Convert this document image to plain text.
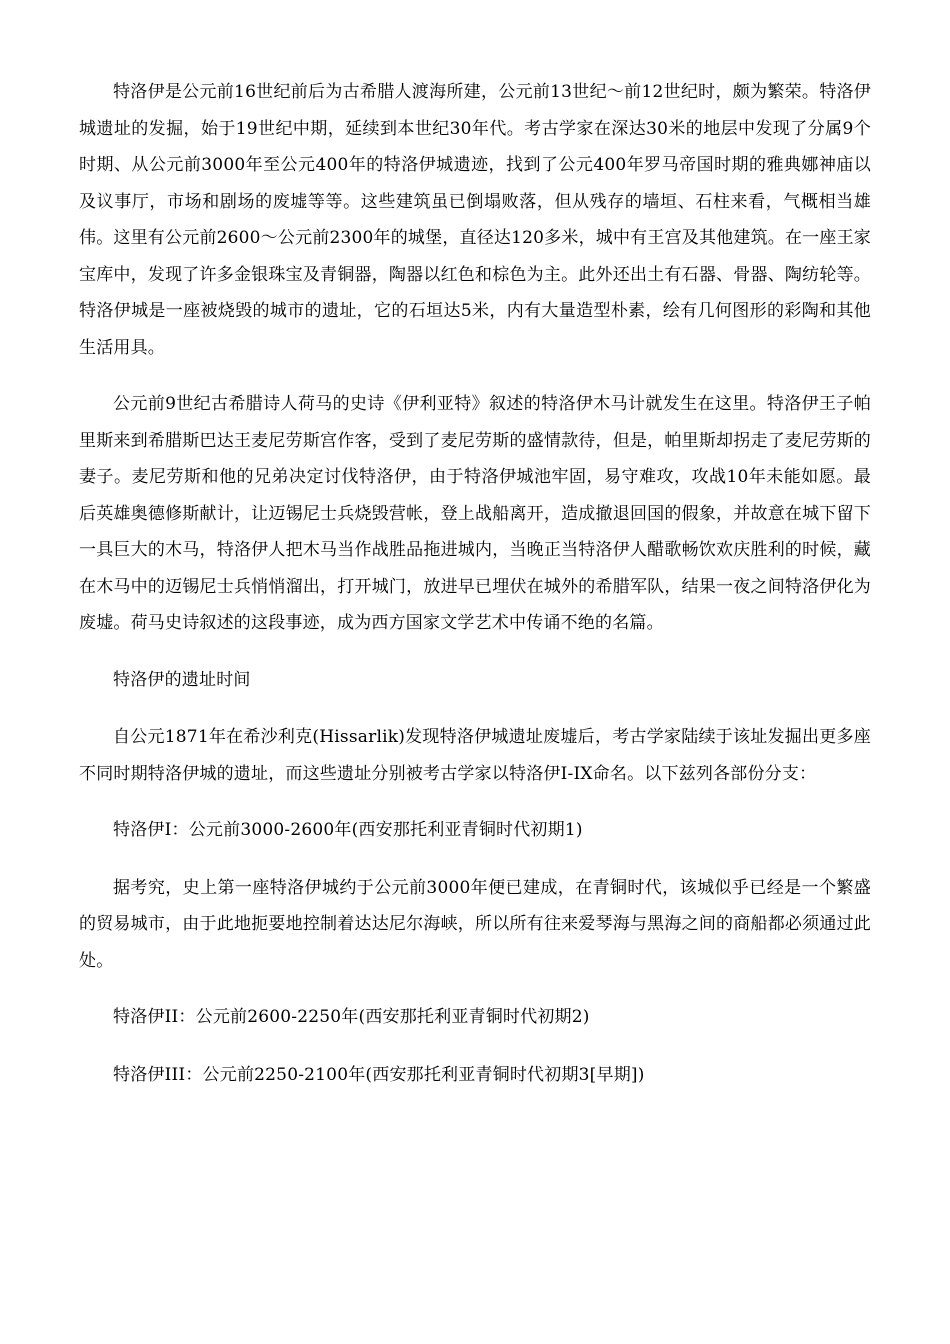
特洛伊是公元前16世纪前后为古希腊人渡海所建，公元前13世纪～前12世纪时，颇为繁荣。特洛伊城遗址的发掘，始于19世纪中期，延续到本世纪30年代。考古学家在深达30米的地层中发现了分属9个时期、从公元前3000年至公元400年的特洛伊城遗迹，找到了公元400年罗马帝国时期的雅典娜神庙以及议事厅，市场和剧场的废墟等等。这些建筑虽已倒塌败落，但从残存的墙垣、石柱来看，气概相当雄伟。这里有公元前2600～公元前2300年的城堡，直径达120多米，城中有王宫及其他建筑。在一座王家宝库中，发现了许多金银珠宝及青铜器，陶器以红色和棕色为主。此外还出土有石器、骨器、陶纺轮等。特洛伊城是一座被烧毁的城市的遗址，它的石垣达5米，内有大量造型朴素，绘有几何图形的彩陶和其他生活用具。

公元前9世纪古希腊诗人荷马的史诗《伊利亚特》叙述的特洛伊木马计就发生在这里。特洛伊王子帕里斯来到希腊斯巴达王麦尼劳斯宫作客，受到了麦尼劳斯的盛情款待，但是，帕里斯却拐走了麦尼劳斯的妻子。麦尼劳斯和他的兄弟决定讨伐特洛伊，由于特洛伊城池牢固，易守难攻，攻战10年未能如愿。最后英雄奥德修斯献计，让迈锡尼士兵烧毁营帐，登上战船离开，造成撤退回国的假象，并故意在城下留下一具巨大的木马，特洛伊人把木马当作战胜品拖进城内，当晚正当特洛伊人醋歌畅饮欢庆胜利的时候，藏在木马中的迈锡尼士兵悄悄溜出，打开城门，放进早已埋伏在城外的希腊军队，结果一夜之间特洛伊化为废墟。荷马史诗叙述的这段事迹，成为西方国家文学艺术中传诵不绝的名篇。

特洛伊的遗址时间

自公元1871年在希沙利克(Hissarlik)发现特洛伊城遗址废墟后，考古学家陆续于该址发掘出更多座不同时期特洛伊城的遗址，而这些遗址分别被考古学家以特洛伊I-IX命名。以下兹列各部份分支：

特洛伊I：公元前3000-2600年(西安那托利亚青铜时代初期1)

据考究，史上第一座特洛伊城约于公元前3000年便已建成，在青铜时代，该城似乎已经是一个繁盛的贸易城市，由于此地扼要地控制着达达尼尔海峡，所以所有往来爱琴海与黑海之间的商船都必须通过此处。

特洛伊II：公元前2600-2250年(西安那托利亚青铜时代初期2)

特洛伊III：公元前2250-2100年(西安那托利亚青铜时代初期3[早期])
